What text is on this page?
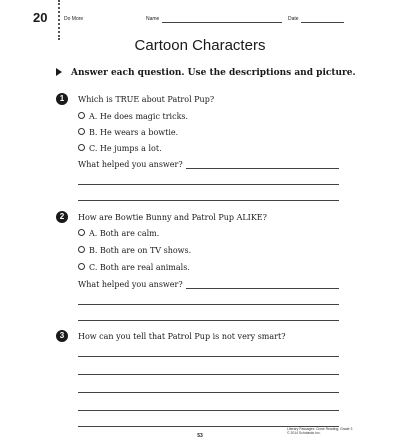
20	Do More	Name	Date
Cartoon Characters
Answer each question. Use the descriptions and picture.
1	Which is TRUE about Patrol Pup?
A. He does magic tricks.
B. He wears a bowtie.
C. He jumps a lot.
What helped you answer?
2	How are Bowtie Bunny and Patrol Pup ALIKE?
A. Both are calm.
B. Both are on TV shows.
C. Both are real animals.
What helped you answer?
3	How can you tell that Patrol Pup is not very smart?
53
Literary Passages: Close Reading, Grade 3
© 2014 Scholastic Inc.
